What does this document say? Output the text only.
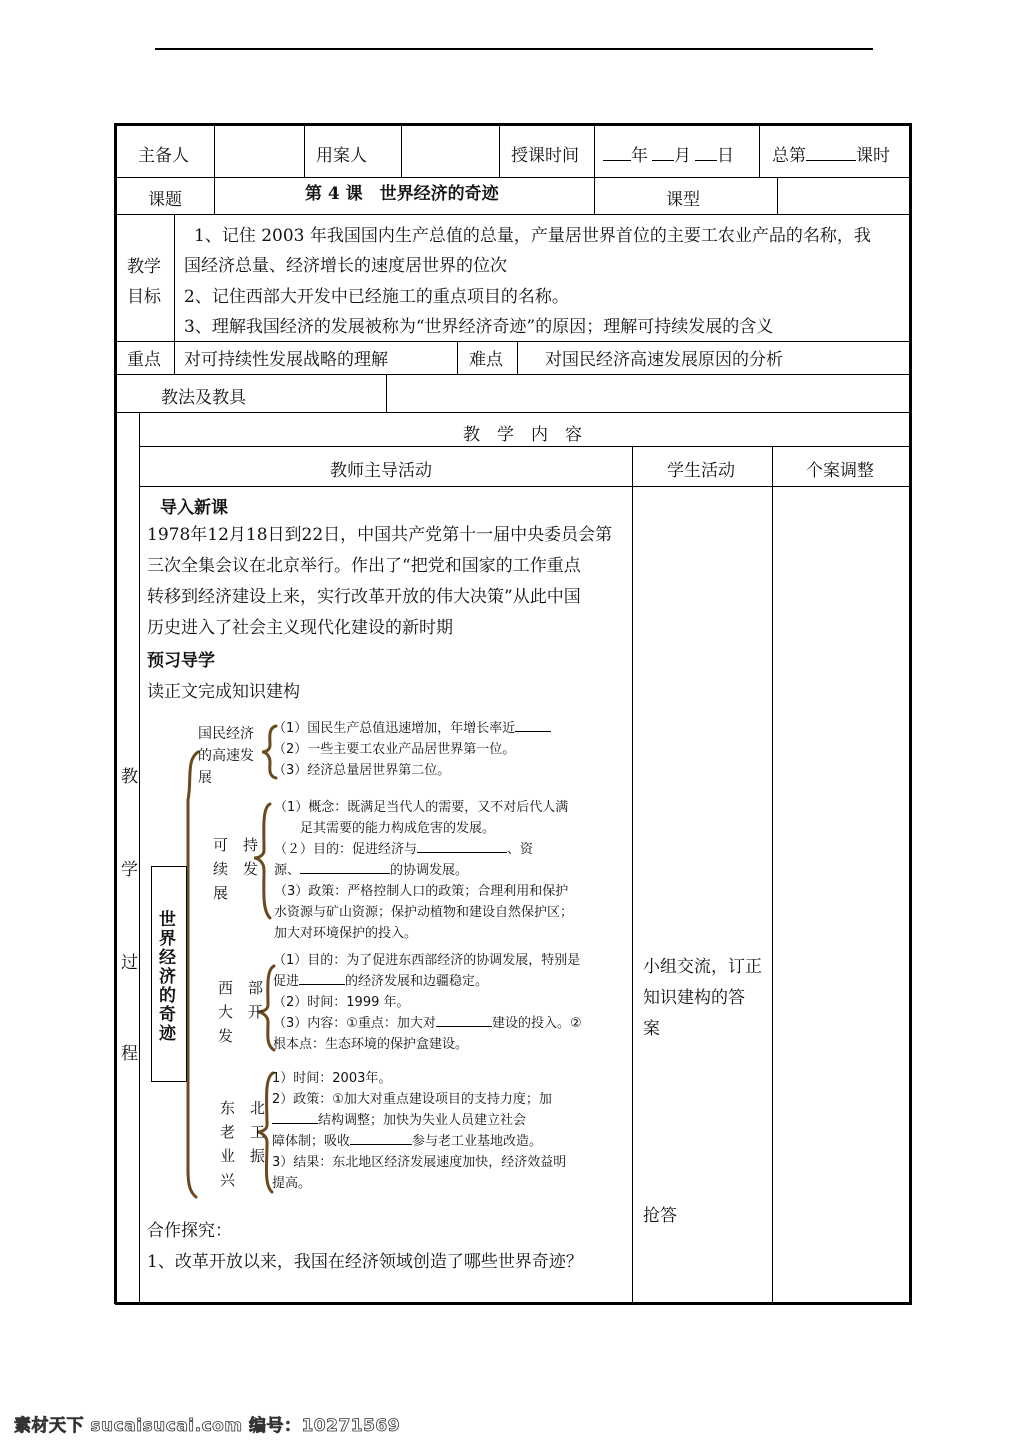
主备人	用案人	授课时间	年 月 日 总第	课时
课题	第 4 课　世界经济的奇迹	课型
教学
目标
1、记住 2003 年我国国内生产总值的总量，产量居世界首位的主要工农业产品的名称，我
国经济总量、经济增长的速度居世界的位次
2、记住西部大开发中已经施工的重点项目的名称。
3、理解我国经济的发展被称为“世界经济奇迹”的原因；理解可持续发展的含义
重点 对可持续性发展战略的理解	难点 对国民经济高速发展原因的分析
教法及教具
教　学　内　容
教师主导活动	学生活动	个案调整
教
学
过
程
导入新课
1978年12月18日到22日，中国共产党第十一届中央委员会第
三次全集会议在北京举行。作出了“把党和国家的工作重点
转移到经济建设上来，实行改革开放的伟大决策”从此中国
历史进入了社会主义现代化建设的新时期
预习导学
读正文完成知识建构
世界经济的奇迹
国民经济
的高速发
展
（1）国民生产总值迅速增加，年增长率近
（2）一些主要工农业产品居世界第一位。
（3）经济总量居世界第二位。
可　持
续　发
展
（1）概念：既满足当代人的需要，又不对后代人满
　　足其需要的能力构成危害的发展。
（２）目的：促进经济与	、资
源、	的协调发展。
（3）政策：严格控制人口的政策；合理利用和保护
水资源与矿山资源；保护动植物和建设自然保护区；
加大对环境保护的投入。
西　部
大　开
发
（1）目的：为了促进东西部经济的协调发展，特别是
促进	的经济发展和边疆稳定。
（2）时间：1999 年。
（3）内容：①重点：加大对	建设的投入。②
根本点：生态环境的保护盒建设。
东　北
老　工
业　振
兴
1）时间：2003年。
2）政策：①加大对重点建设项目的支持力度；加
结构调整；加快为失业人员建立社会
障体制；吸收	参与老工业基地改造。
3）结果：东北地区经济发展速度加快，经济效益明
提高。
合作探究：
1、改革开放以来，我国在经济领域创造了哪些世界奇迹？
小组交流，订正
知识建构的答
案
抢答
素材天下 sucaisucai.com 编号：10271569
